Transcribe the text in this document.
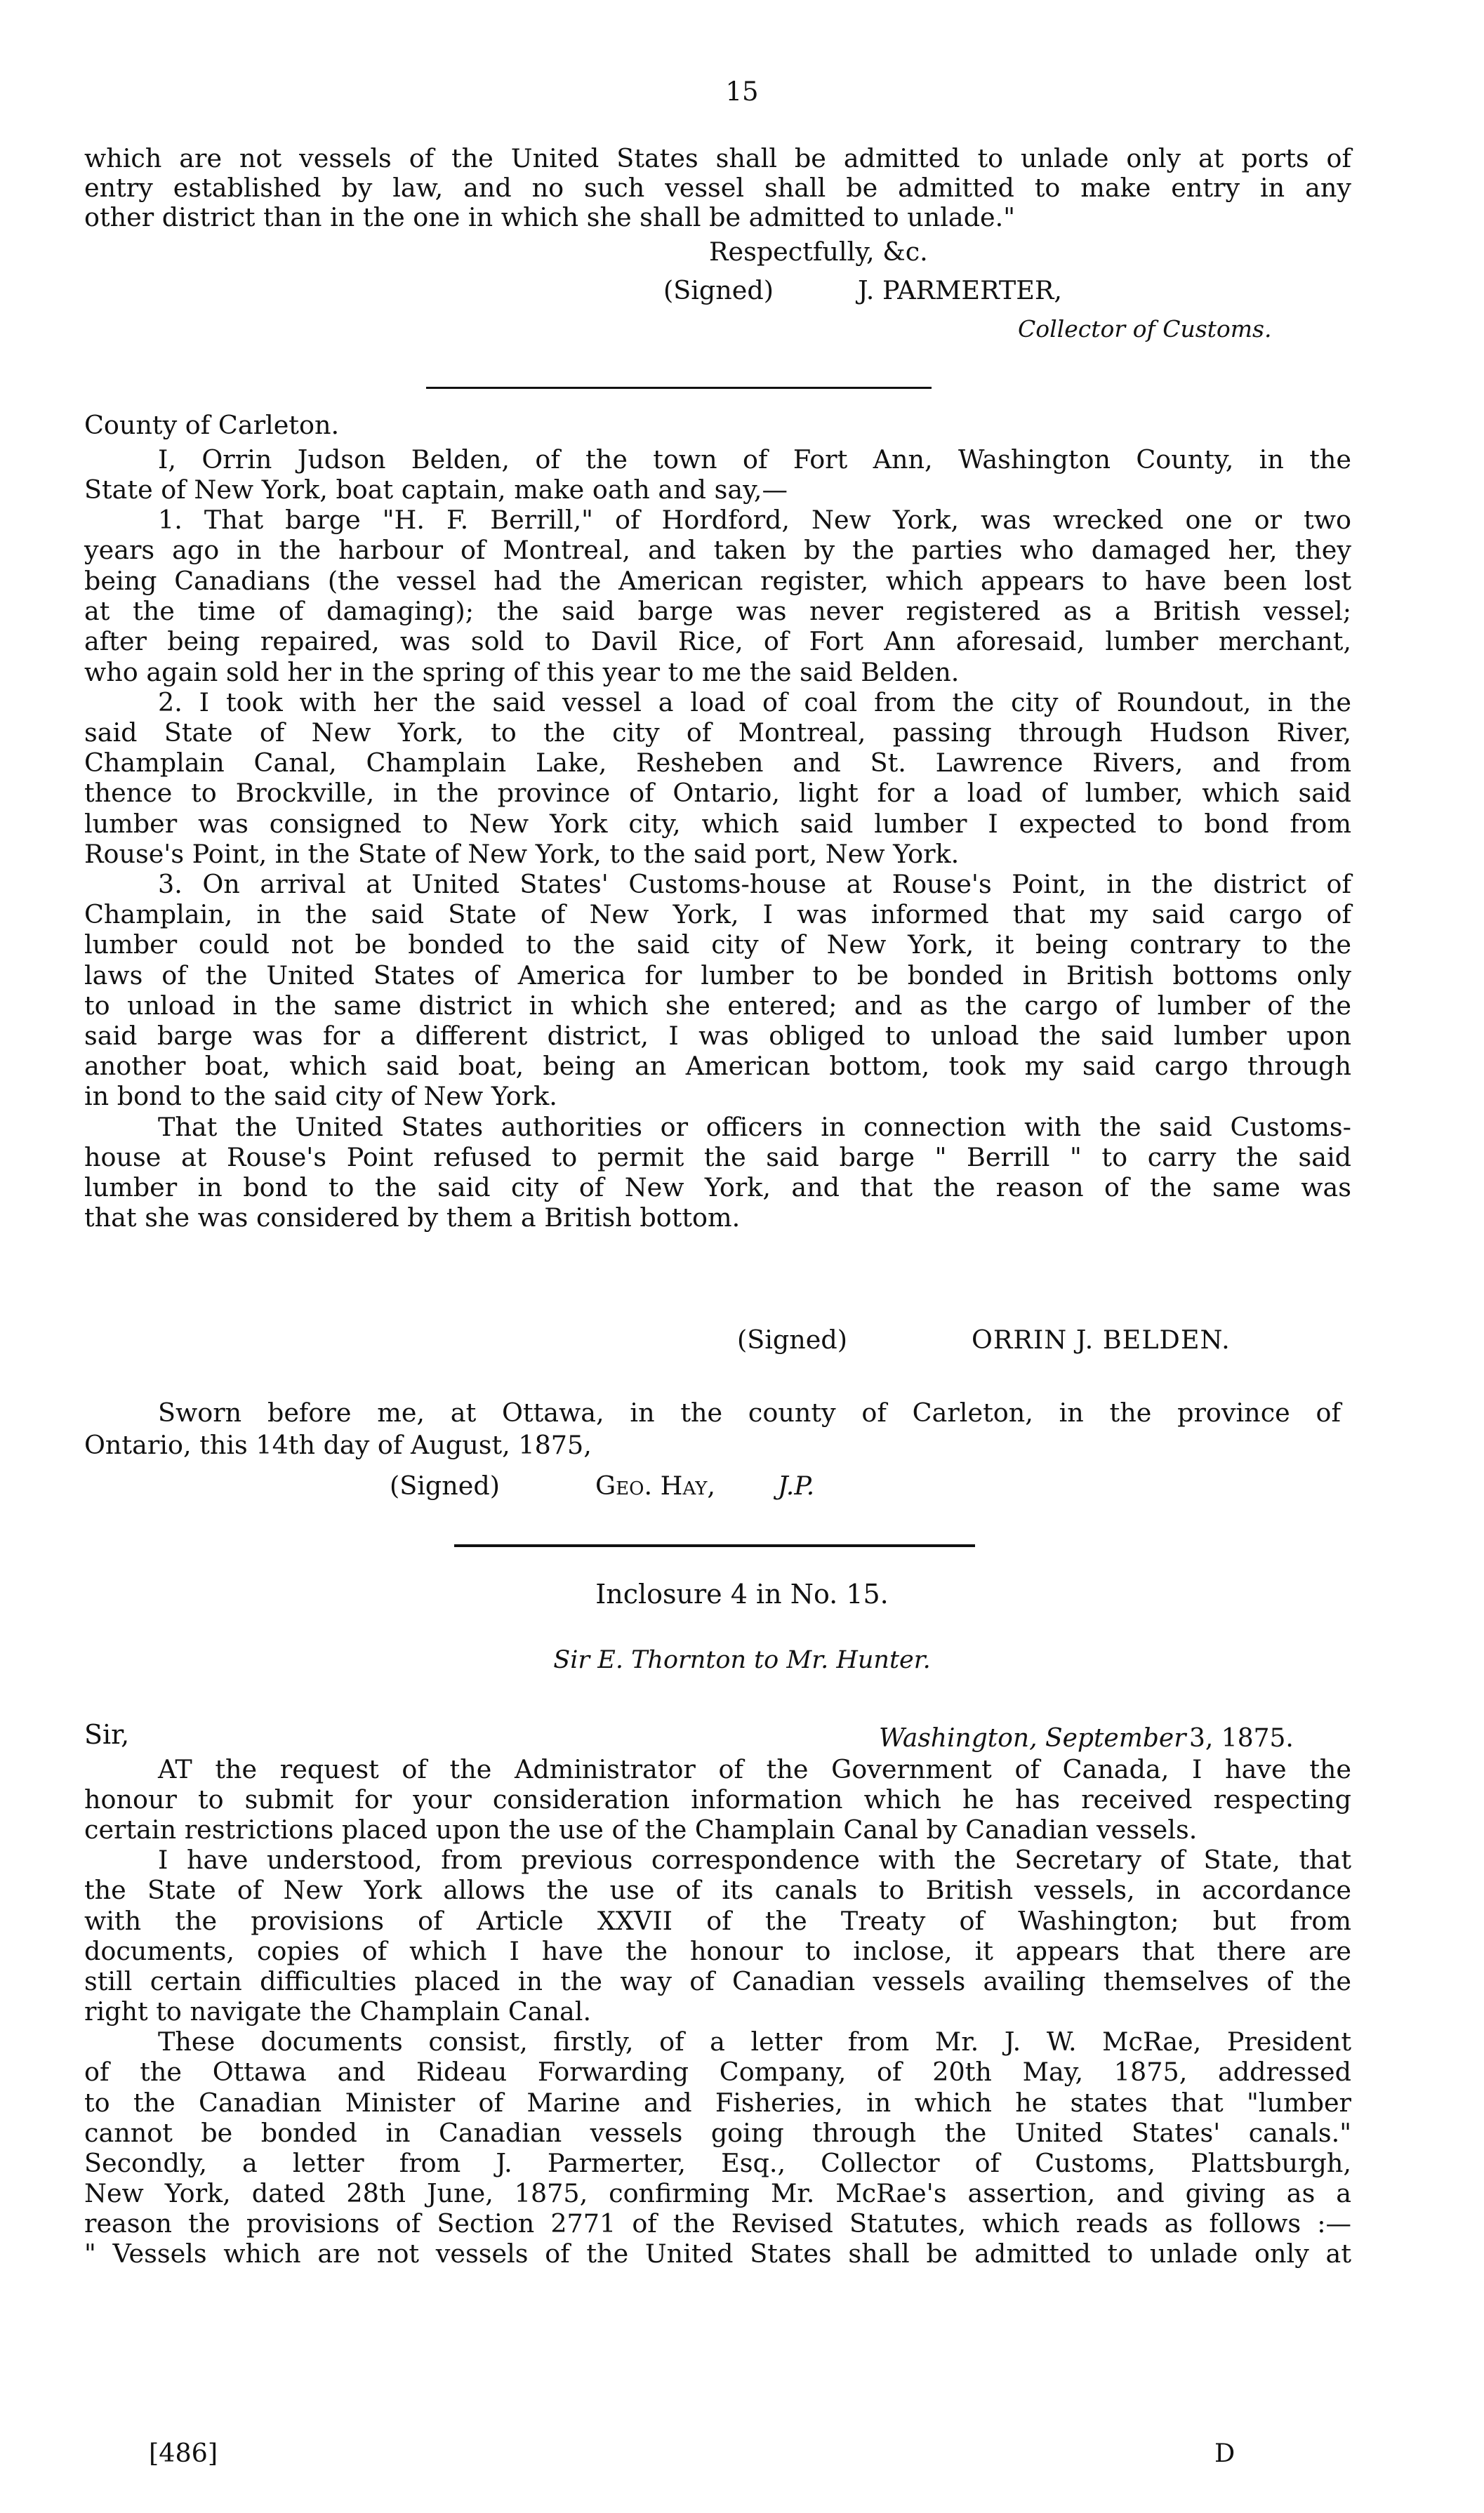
15
which are not vessels of the United States shall be admitted to unlade only at ports of
entry established by law, and no such vessel shall be admitted to make entry in any
other district than in the one in which she shall be admitted to unlade."
Respectfully, &c.
(Signed)	J. PARMERTER,
Collector of Customs.
County of Carleton.
(Signed)	ORRIN J. BELDEN.
Sworn before me, at Ottawa, in the county of Carleton, in the province of
Ontario, this 14th day of August, 1875,
(Signed)	Geo. Hay, J.P.
Inclosure 4 in No. 15.
Sir E. Thornton to Mr. Hunter.
Sir,	Washington, September 3, 1875.
[486]	D
I, Orrin Judson Belden, of the town of Fort Ann, Washington County, in the
State of New York, boat captain, make oath and say,—
1. That barge "H. F. Berrill," of Hordford, New York, was wrecked one or two
years ago in the harbour of Montreal, and taken by the parties who damaged her, they
being Canadians (the vessel had the American register, which appears to have been lost
at the time of damaging); the said barge was never registered as a British vessel;
after being repaired, was sold to Davil Rice, of Fort Ann aforesaid, lumber merchant,
who again sold her in the spring of this year to me the said Belden.
2. I took with her the said vessel a load of coal from the city of Roundout, in the
said State of New York, to the city of Montreal, passing through Hudson River,
Champlain Canal, Champlain Lake, Resheben and St. Lawrence Rivers, and from
thence to Brockville, in the province of Ontario, light for a load of lumber, which said
lumber was consigned to New York city, which said lumber I expected to bond from
Rouse's Point, in the State of New York, to the said port, New York.
3. On arrival at United States' Customs-house at Rouse's Point, in the district of
Champlain, in the said State of New York, I was informed that my said cargo of
lumber could not be bonded to the said city of New York, it being contrary to the
laws of the United States of America for lumber to be bonded in British bottoms only
to unload in the same district in which she entered; and as the cargo of lumber of the
said barge was for a different district, I was obliged to unload the said lumber upon
another boat, which said boat, being an American bottom, took my said cargo through
in bond to the said city of New York.
That the United States authorities or officers in connection with the said Customs-
house at Rouse's Point refused to permit the said barge " Berrill " to carry the said
lumber in bond to the said city of New York, and that the reason of the same was
that she was considered by them a British bottom.
AT the request of the Administrator of the Government of Canada, I have the
honour to submit for your consideration information which he has received respecting
certain restrictions placed upon the use of the Champlain Canal by Canadian vessels.
I have understood, from previous correspondence with the Secretary of State, that
the State of New York allows the use of its canals to British vessels, in accordance
with the provisions of Article XXVII of the Treaty of Washington; but from
documents, copies of which I have the honour to inclose, it appears that there are
still certain difficulties placed in the way of Canadian vessels availing themselves of the
right to navigate the Champlain Canal.
These documents consist, firstly, of a letter from Mr. J. W. McRae, President
of the Ottawa and Rideau Forwarding Company, of 20th May, 1875, addressed
to the Canadian Minister of Marine and Fisheries, in which he states that "lumber
cannot be bonded in Canadian vessels going through the United States' canals."
Secondly, a letter from J. Parmerter, Esq., Collector of Customs, Plattsburgh,
New York, dated 28th June, 1875, confirming Mr. McRae's assertion, and giving as a
reason the provisions of Section 2771 of the Revised Statutes, which reads as follows :—
" Vessels which are not vessels of the United States shall be admitted to unlade only at
